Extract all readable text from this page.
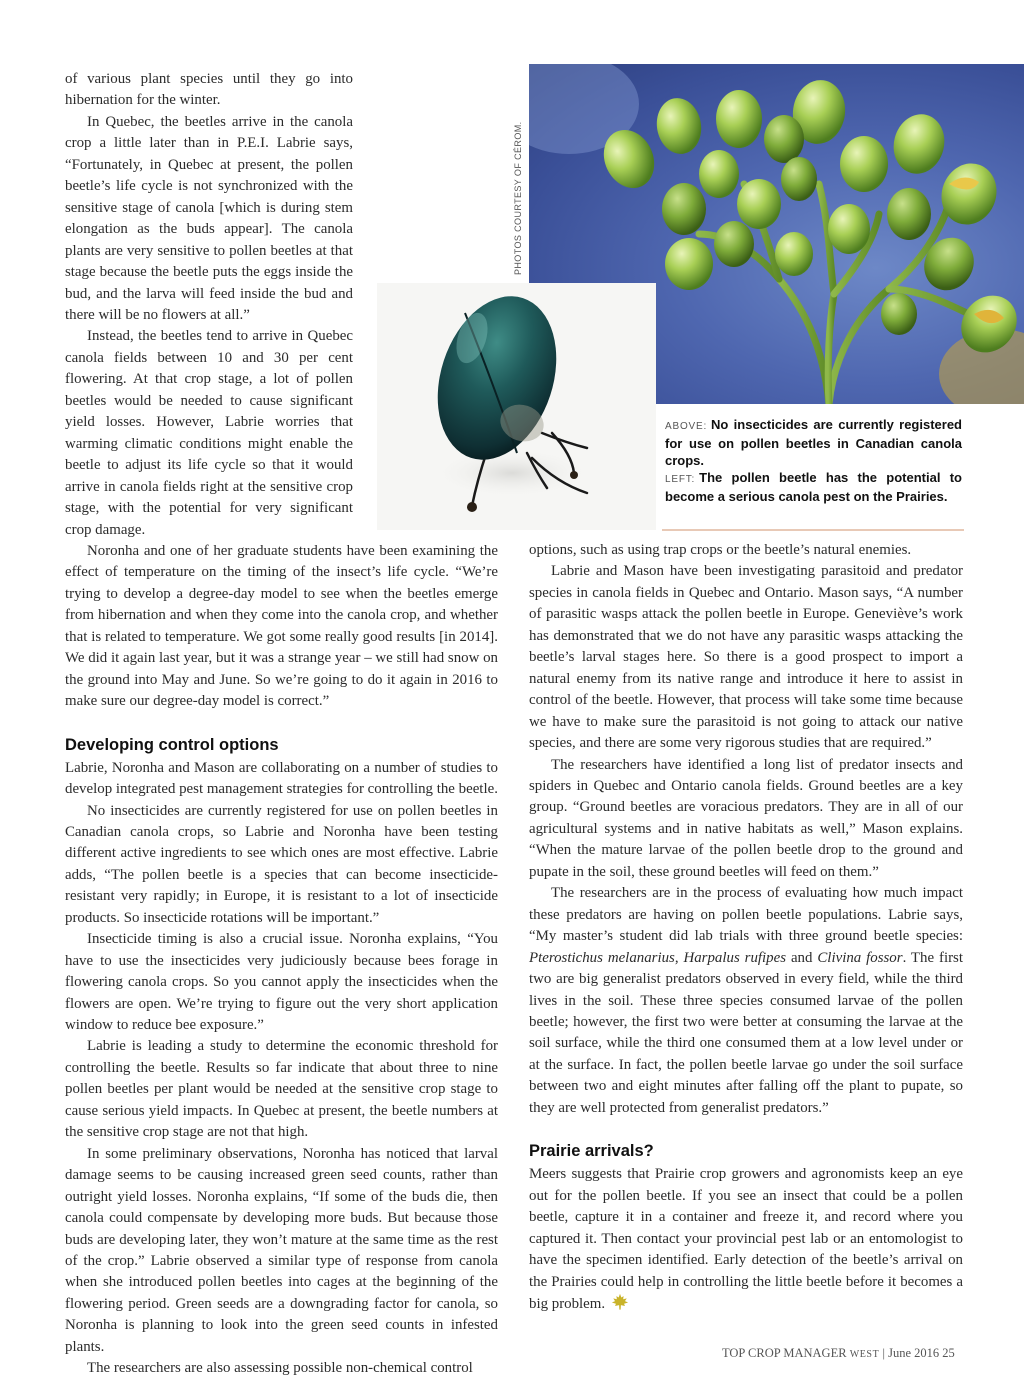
PHOTOS COURTESY OF CÉROM.
ABOVE: No insecticides are currently registered for use on pollen beetles in Canadian canola crops.
LEFT: The pollen beetle has the potential to become a serious canola pest on the Prairies.

of various plant species until they go into hibernation for the winter.

In Quebec, the beetles arrive in the canola crop a little later than in P.E.I. Labrie says, “Fortunately, in Quebec at present, the pollen beetle’s life cycle is not synchronized with the sensitive stage of canola [which is during stem elongation as the buds appear]. The canola plants are very sensitive to pollen beetles at that stage because the beetle puts the eggs inside the bud, and the larva will feed inside the bud and there will be no flowers at all.”

Instead, the beetles tend to arrive in Quebec canola fields between 10 and 30 per cent flowering. At that crop stage, a lot of pollen beetles would be needed to cause significant yield losses. However, Labrie worries that warming climatic conditions might enable the beetle to adjust its life cycle so that it would arrive in canola fields right at the sensitive crop stage, with the potential for very significant crop damage.

Noronha and one of her graduate students have been examining the effect of temperature on the timing of the insect’s life cycle. “We’re trying to develop a degree-day model to see when the beetles emerge from hibernation and when they come into the canola crop, and whether that is related to temperature. We got some really good results [in 2014]. We did it again last year, but it was a strange year – we still had snow on the ground into May and June. So we’re going to do it again in 2016 to make sure our degree-day model is correct.”

Developing control options

Labrie, Noronha and Mason are collaborating on a number of studies to develop integrated pest management strategies for controlling the beetle.

No insecticides are currently registered for use on pollen beetles in Canadian canola crops, so Labrie and Noronha have been testing different active ingredients to see which ones are most effective. Labrie adds, “The pollen beetle is a species that can become insecticide-resistant very rapidly; in Europe, it is resistant to a lot of insecticide products. So insecticide rotations will be important.”

Insecticide timing is also a crucial issue. Noronha explains, “You have to use the insecticides very judiciously because bees forage in flowering canola crops. So you cannot apply the insecticides when the flowers are open. We’re trying to figure out the very short application window to reduce bee exposure.”

Labrie is leading a study to determine the economic threshold for controlling the beetle. Results so far indicate that about three to nine pollen beetles per plant would be needed at the sensitive crop stage to cause serious yield impacts. In Quebec at present, the beetle numbers at the sensitive crop stage are not that high.

In some preliminary observations, Noronha has noticed that larval damage seems to be causing increased green seed counts, rather than outright yield losses. Noronha explains, “If some of the buds die, then canola could compensate by developing more buds. But because those buds are developing later, they won’t mature at the same time as the rest of the crop.” Labrie observed a similar type of response from canola when she introduced pollen beetles into cages at the beginning of the flowering period. Green seeds are a downgrading factor for canola, so Noronha is planning to look into the green seed counts in infested plants.

The researchers are also assessing possible non-chemical control

options, such as using trap crops or the beetle’s natural enemies.

Labrie and Mason have been investigating parasitoid and predator species in canola fields in Quebec and Ontario. Mason says, “A number of parasitic wasps attack the pollen beetle in Europe. Geneviève’s work has demonstrated that we do not have any parasitic wasps attacking the beetle’s larval stages here. So there is a good prospect to import a natural enemy from its native range and introduce it here to assist in control of the beetle. However, that process will take some time because we have to make sure the parasitoid is not going to attack our native species, and there are some very rigorous studies that are required.”

The researchers have identified a long list of predator insects and spiders in Quebec and Ontario canola fields. Ground beetles are a key group. “Ground beetles are voracious predators. They are in all of our agricultural systems and in native habitats as well,” Mason explains. “When the mature larvae of the pollen beetle drop to the ground and pupate in the soil, these ground beetles will feed on them.”

The researchers are in the process of evaluating how much impact these predators are having on pollen beetle populations. Labrie says, “My master’s student did lab trials with three ground beetle species: Pterostichus melanarius, Harpalus rufipes and Clivina fossor. The first two are big generalist predators observed in every field, while the third lives in the soil. These three species consumed larvae of the pollen beetle; however, the first two were better at consuming the larvae at the soil surface, while the third one consumed them at a low level under or at the surface. In fact, the pollen beetle larvae go under the soil surface between two and eight minutes after falling off the plant to pupate, so they are well protected from generalist predators.”

Prairie arrivals?

Meers suggests that Prairie crop growers and agronomists keep an eye out for the pollen beetle. If you see an insect that could be a pollen beetle, capture it in a container and freeze it, and record where you captured it. Then contact your provincial pest lab or an entomologist to have the specimen identified. Early detection of the beetle’s arrival on the Prairies could help in controlling the little beetle before it becomes a big problem.

TOP CROP MANAGER WEST | June 2016 25
